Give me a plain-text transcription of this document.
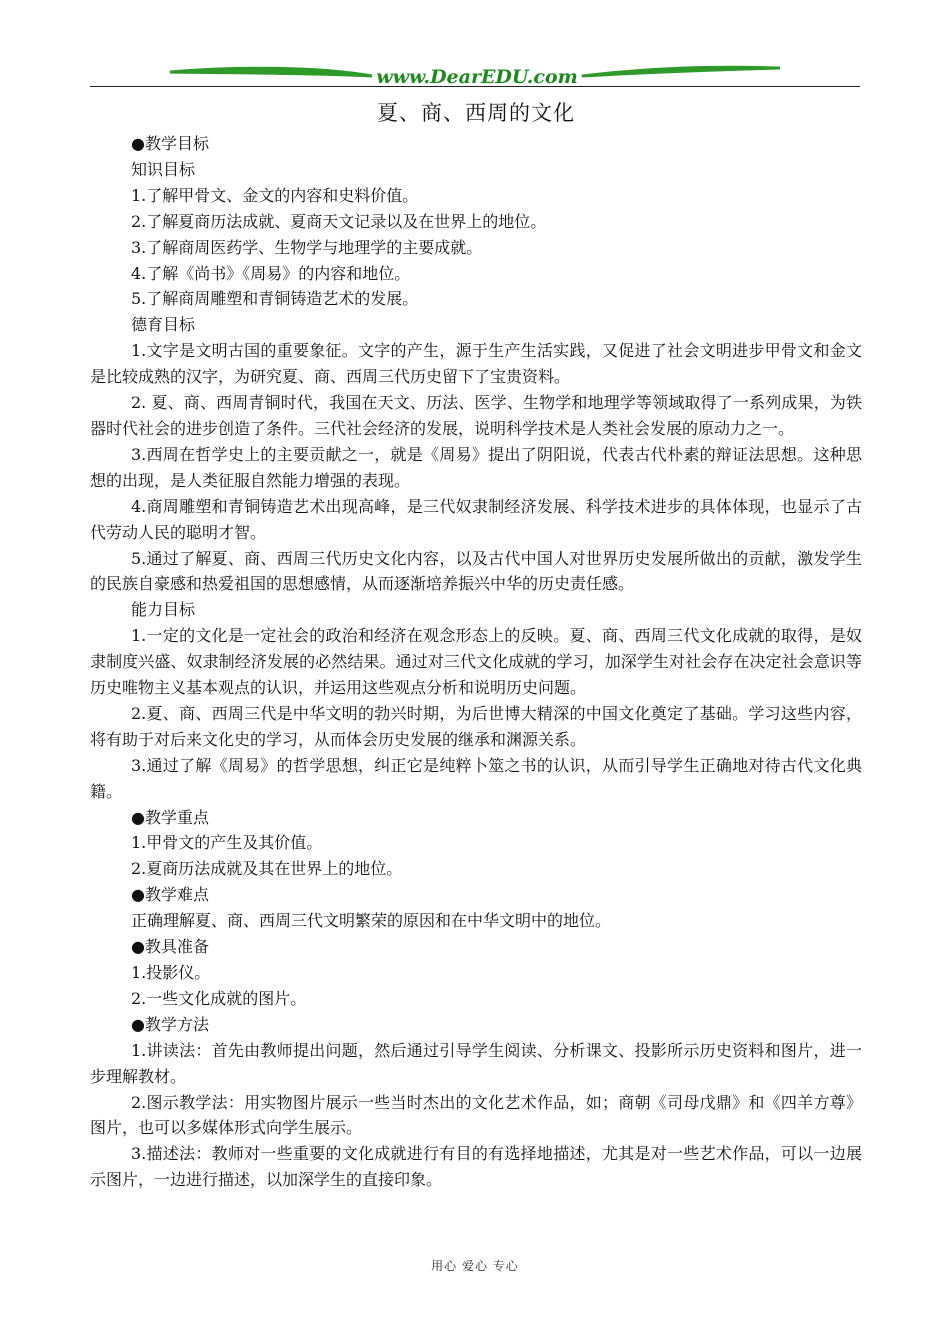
www.DearEDU.com
夏、商、西周的文化

●教学目标

知识目标

1.了解甲骨文、金文的内容和史料价值。

2.了解夏商历法成就、夏商天文记录以及在世界上的地位。

3.了解商周医药学、生物学与地理学的主要成就。

4.了解《尚书》《周易》的内容和地位。

5.了解商周雕塑和青铜铸造艺术的发展。

德育目标

1.文字是文明古国的重要象征。文字的产生，源于生产生活实践，又促进了社会文明进步甲骨文和金文是比较成熟的汉字，为研究夏、商、西周三代历史留下了宝贵资料。

2. 夏、商、西周青铜时代，我国在天文、历法、医学、生物学和地理学等领域取得了一系列成果，为铁器时代社会的进步创造了条件。三代社会经济的发展，说明科学技术是人类社会发展的原动力之一。

3.西周在哲学史上的主要贡献之一，就是《周易》提出了阴阳说，代表古代朴素的辩证法思想。这种思想的出现，是人类征服自然能力增强的表现。

4.商周雕塑和青铜铸造艺术出现高峰，是三代奴隶制经济发展、科学技术进步的具体体现，也显示了古代劳动人民的聪明才智。

5.通过了解夏、商、西周三代历史文化内容，以及古代中国人对世界历史发展所做出的贡献，激发学生的民族自豪感和热爱祖国的思想感情，从而逐渐培养振兴中华的历史责任感。

能力目标

1.一定的文化是一定社会的政治和经济在观念形态上的反映。夏、商、西周三代文化成就的取得，是奴隶制度兴盛、奴隶制经济发展的必然结果。通过对三代文化成就的学习，加深学生对社会存在决定社会意识等历史唯物主义基本观点的认识，并运用这些观点分析和说明历史问题。

2.夏、商、西周三代是中华文明的勃兴时期，为后世博大精深的中国文化奠定了基础。学习这些内容，将有助于对后来文化史的学习，从而体会历史发展的继承和渊源关系。

3.通过了解《周易》的哲学思想，纠正它是纯粹卜筮之书的认识，从而引导学生正确地对待古代文化典籍。

●教学重点

1.甲骨文的产生及其价值。

2.夏商历法成就及其在世界上的地位。

●教学难点

正确理解夏、商、西周三代文明繁荣的原因和在中华文明中的地位。

●教具准备

1.投影仪。

2.一些文化成就的图片。

●教学方法

1.讲读法：首先由教师提出问题，然后通过引导学生阅读、分析课文、投影所示历史资料和图片，进一步理解教材。

2.图示教学法：用实物图片展示一些当时杰出的文化艺术作品，如；商朝《司母戊鼎》和《四羊方尊》图片，也可以多媒体形式向学生展示。

3.描述法：教师对一些重要的文化成就进行有目的有选择地描述，尤其是对一些艺术作品，可以一边展示图片，一边进行描述，以加深学生的直接印象。

用心 爱心 专心
